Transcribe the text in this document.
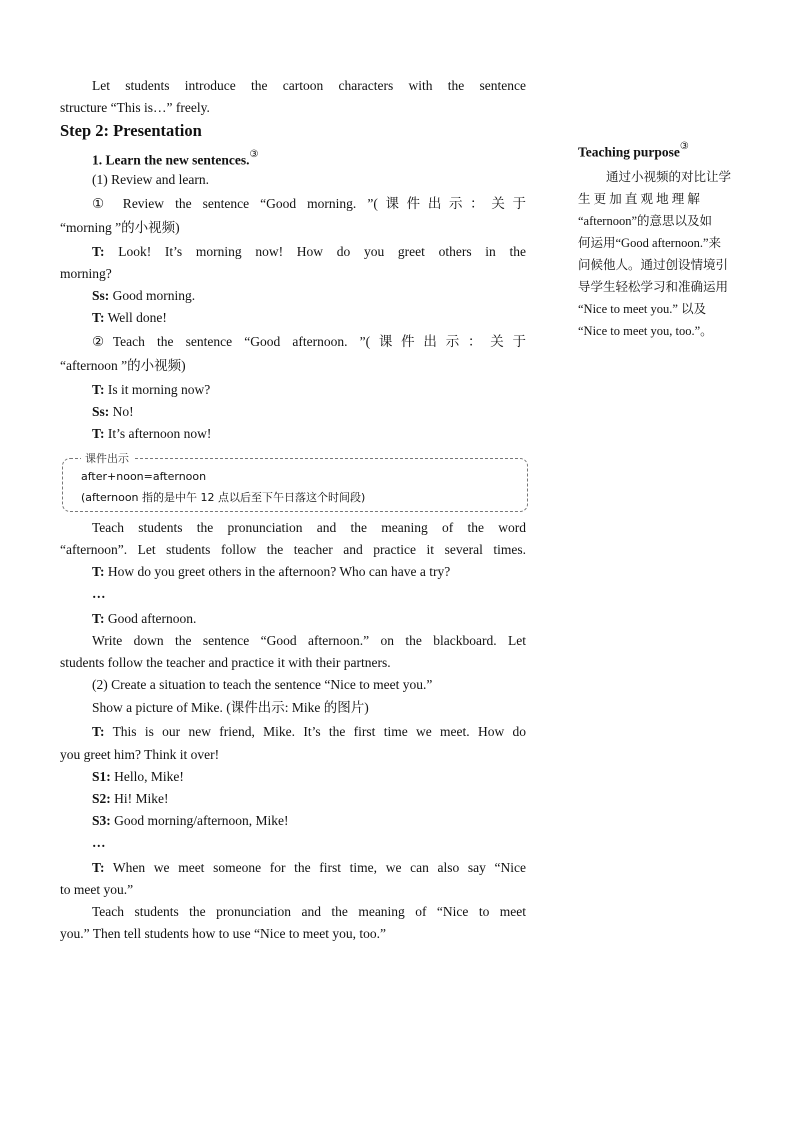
Let students introduce the cartoon characters with the sentence
structure “This is…” freely.
Step 2: Presentation
1. Learn the new sentences.③
(1) Review and learn.
① Review the sentence “Good morning. ”(课件出示：关于
“morning ”的小视频)
T: Look! It’s morning now! How do you greet others in the
morning?
Ss: Good morning.
T: Well done!
②Teach the sentence “Good afternoon. ”(课件出示：关于
“afternoon ”的小视频)
T: Is it morning now?
Ss: No!
T: It’s afternoon now!
Teach students the pronunciation and the meaning of the word
“afternoon”. Let students follow the teacher and practice it several times.
T: How do you greet others in the afternoon? Who can have a try?
…
T: Good afternoon.
Write down the sentence “Good afternoon.” on the blackboard. Let
students follow the teacher and practice it with their partners.
(2) Create a situation to teach the sentence “Nice to meet you.”
Show a picture of Mike. (课件出示: Mike 的图片)
T: This is our new friend, Mike. It’s the first time we meet. How do
you greet him? Think it over!
S1: Hello, Mike!
S2: Hi! Mike!
S3: Good morning/afternoon, Mike!
…
T: When we meet someone for the first time, we can also say “Nice
to meet you.”
Teach students the pronunciation and the meaning of “Nice to meet
you.” Then tell students how to use “Nice to meet you, too.”
课件出示
after+noon=afternoon
(afternoon 指的是中午 12 点以后至下午日落这个时间段)
Teaching purpose③
通过小视频的对比让学
生 更 加 直 观 地 理 解
“afternoon”的意思以及如
何运用“Good afternoon.”来
问候他人。通过创设情境引
导学生轻松学习和准确运用
“Nice to meet you.” 以及
“Nice to meet you, too.”。
